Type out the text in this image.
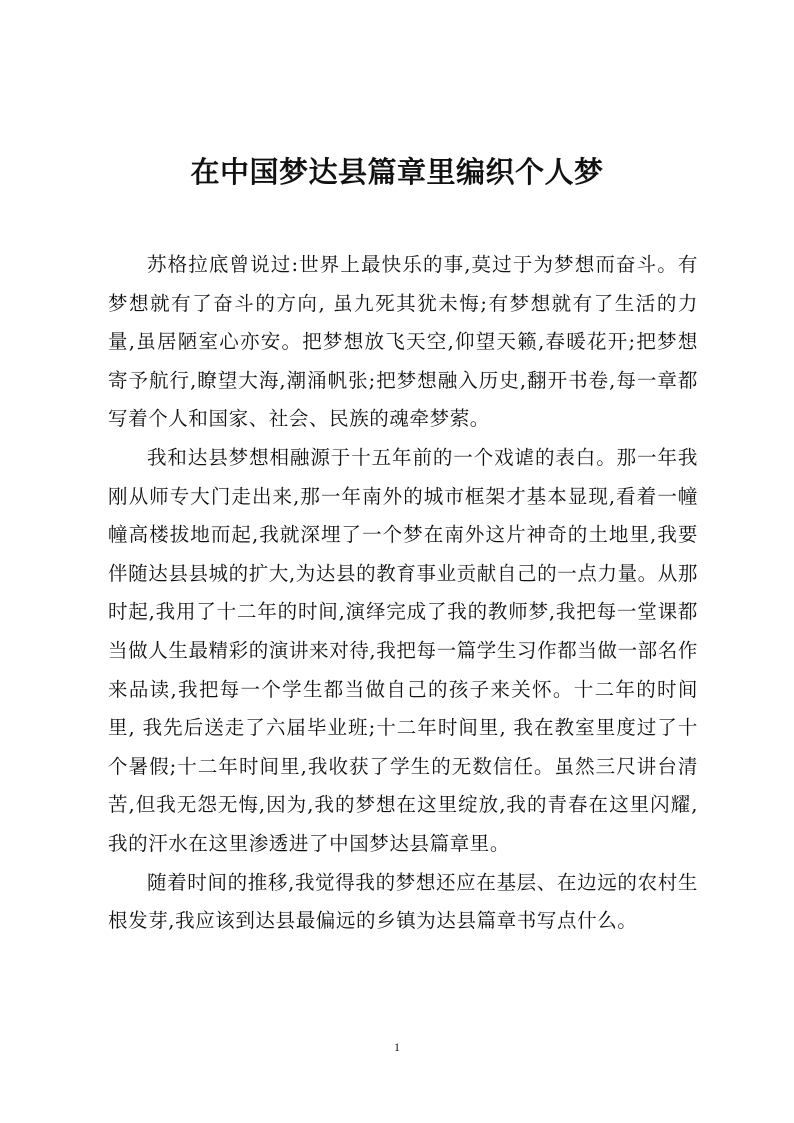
在中国梦达县篇章里编织个人梦

苏格拉底曾说过:世界上最快乐的事,莫过于为梦想而奋斗。有梦想就有了奋斗的方向, 虽九死其犹未悔;有梦想就有了生活的力量,虽居陋室心亦安。把梦想放飞天空,仰望天籁,春暖花开;把梦想寄予航行,瞭望大海,潮涌帆张;把梦想融入历史,翻开书卷,每一章都写着个人和国家、社会、民族的魂牵梦萦。

我和达县梦想相融源于十五年前的一个戏谑的表白。那一年我刚从师专大门走出来,那一年南外的城市框架才基本显现,看着一幢幢高楼拔地而起,我就深埋了一个梦在南外这片神奇的土地里,我要伴随达县县城的扩大,为达县的教育事业贡献自己的一点力量。从那时起,我用了十二年的时间,演绎完成了我的教师梦,我把每一堂课都当做人生最精彩的演讲来对待,我把每一篇学生习作都当做一部名作来品读,我把每一个学生都当做自己的孩子来关怀。十二年的时间里, 我先后送走了六届毕业班;十二年时间里, 我在教室里度过了十个暑假;十二年时间里,我收获了学生的无数信任。虽然三尺讲台清苦,但我无怨无悔,因为,我的梦想在这里绽放,我的青春在这里闪耀,我的汗水在这里渗透进了中国梦达县篇章里。

随着时间的推移,我觉得我的梦想还应在基层、在边远的农村生根发芽,我应该到达县最偏远的乡镇为达县篇章书写点什么。

1
